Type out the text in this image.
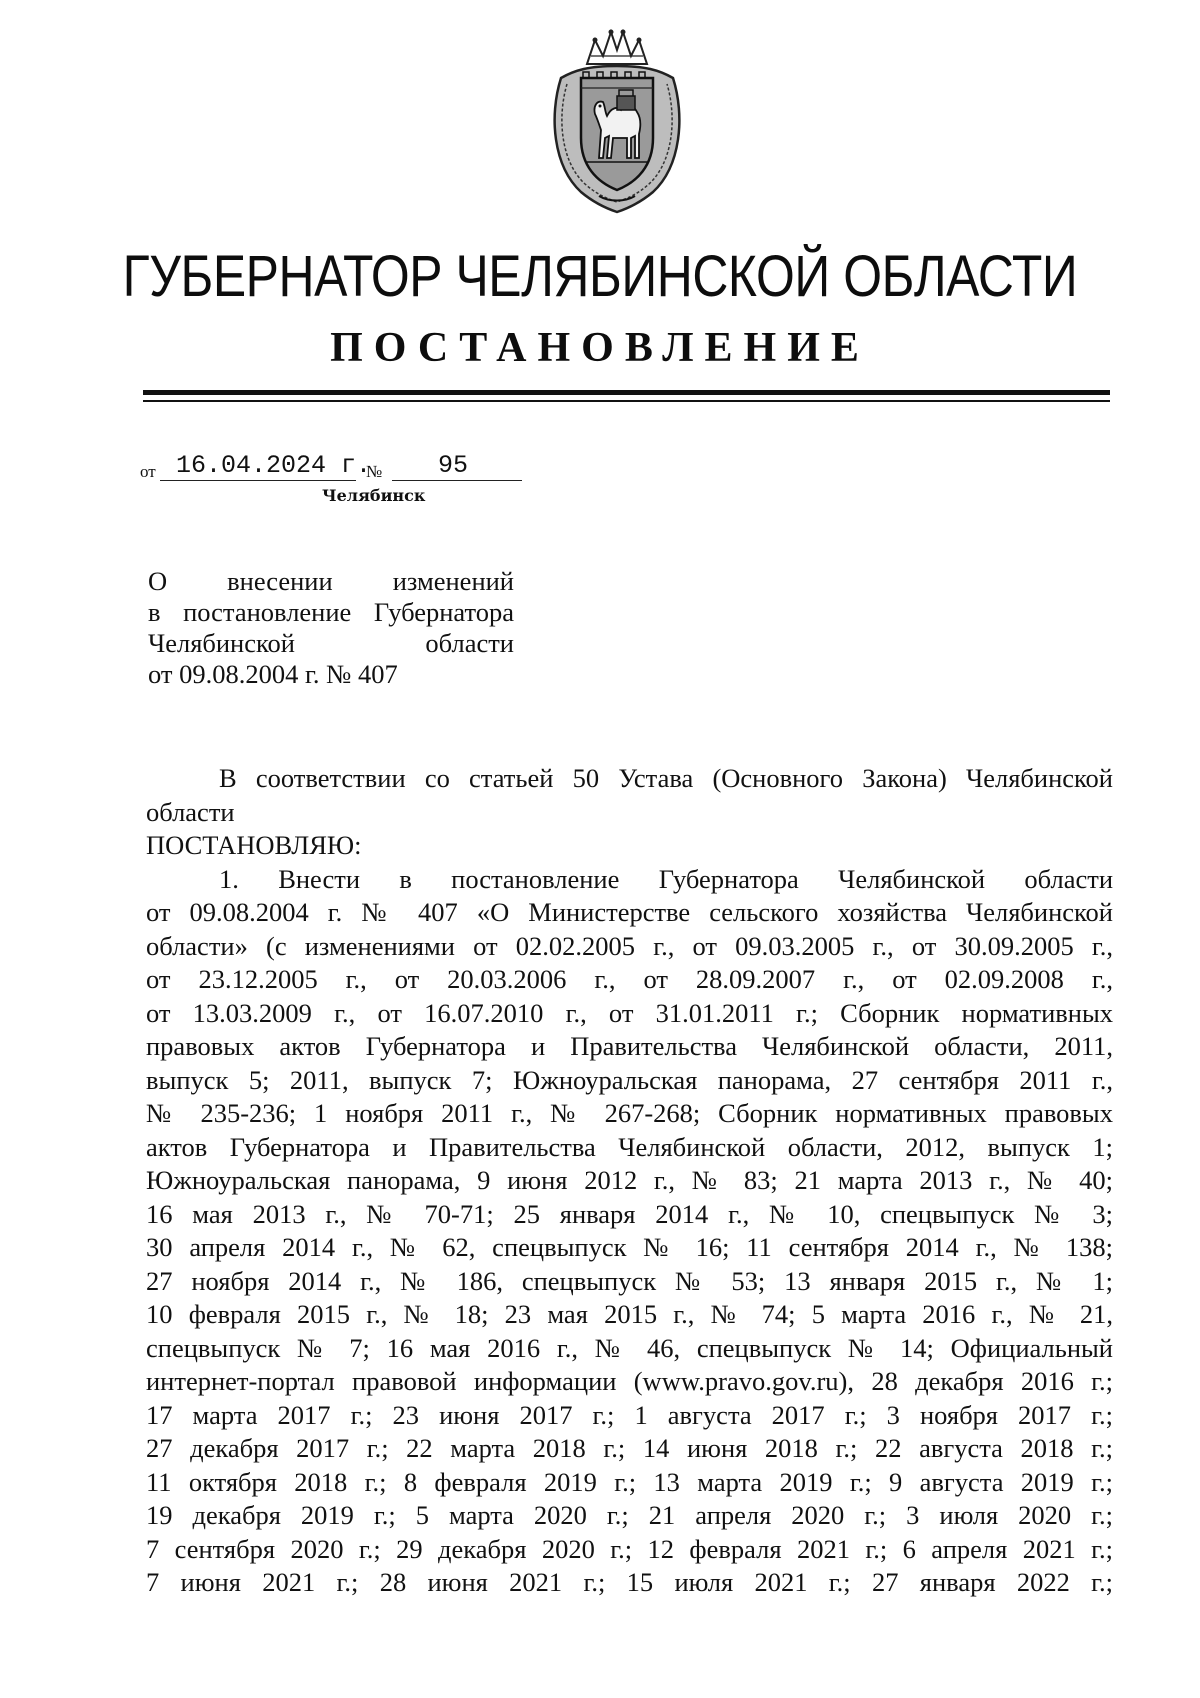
ГУБЕРНАТОР ЧЕЛЯБИНСКОЙ ОБЛАСТИ
ПОСТАНОВЛЕНИЕ
от 16.04.2024 г.
№ 95
Челябинск
О внесении изменений
в постановление Губернатора
Челябинской области
от 09.08.2004 г. № 407
В соответствии со статьей 50 Устава (Основного Закона) Челябинской
области
ПОСТАНОВЛЯЮ:
1. Внести в постановление Губернатора Челябинской области
от 09.08.2004 г. № 407 «О Министерстве сельского хозяйства Челябинской
области» (с изменениями от 02.02.2005 г., от 09.03.2005 г., от 30.09.2005 г.,
от 23.12.2005 г., от 20.03.2006 г., от 28.09.2007 г., от 02.09.2008 г.,
от 13.03.2009 г., от 16.07.2010 г., от 31.01.2011 г.; Сборник нормативных
правовых актов Губернатора и Правительства Челябинской области, 2011,
выпуск 5; 2011, выпуск 7; Южноуральская панорама, 27 сентября 2011 г.,
№ 235-236; 1 ноября 2011 г., № 267-268; Сборник нормативных правовых
актов Губернатора и Правительства Челябинской области, 2012, выпуск 1;
Южноуральская панорама, 9 июня 2012 г., № 83; 21 марта 2013 г., № 40;
16 мая 2013 г., № 70-71; 25 января 2014 г., № 10, спецвыпуск № 3;
30 апреля 2014 г., № 62, спецвыпуск № 16; 11 сентября 2014 г., № 138;
27 ноября 2014 г., № 186, спецвыпуск № 53; 13 января 2015 г., № 1;
10 февраля 2015 г., № 18; 23 мая 2015 г., № 74; 5 марта 2016 г., № 21,
спецвыпуск № 7; 16 мая 2016 г., № 46, спецвыпуск № 14; Официальный
интернет-портал правовой информации (www.pravo.gov.ru), 28 декабря 2016 г.;
17 марта 2017 г.; 23 июня 2017 г.; 1 августа 2017 г.; 3 ноября 2017 г.;
27 декабря 2017 г.; 22 марта 2018 г.; 14 июня 2018 г.; 22 августа 2018 г.;
11 октября 2018 г.; 8 февраля 2019 г.; 13 марта 2019 г.; 9 августа 2019 г.;
19 декабря 2019 г.; 5 марта 2020 г.; 21 апреля 2020 г.; 3 июля 2020 г.;
7 сентября 2020 г.; 29 декабря 2020 г.; 12 февраля 2021 г.; 6 апреля 2021 г.;
7 июня 2021 г.; 28 июня 2021 г.; 15 июля 2021 г.; 27 января 2022 г.;
